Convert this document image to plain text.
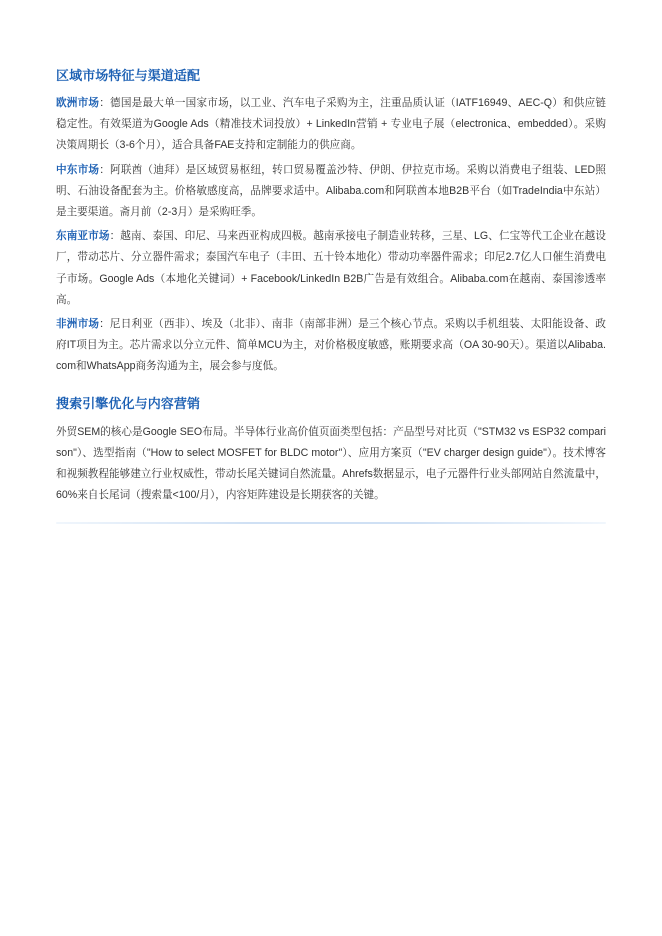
区域市场特征与渠道适配

欧洲市场：德国是最大单一国家市场，以工业、汽车电子采购为主，注重品质认证（IATF16949、AEC-Q）和供应链稳定性。有效渠道为Google Ads（精准技术词投放）+ LinkedIn营销 + 专业电子展（electronica、embedded）。采购决策周期长（3-6个月），适合具备FAE支持和定制能力的供应商。

中东市场：阿联酋（迪拜）是区域贸易枢纽，转口贸易覆盖沙特、伊朗、伊拉克市场。采购以消费电子组装、LED照明、石油设备配套为主。价格敏感度高，品牌要求适中。Alibaba.com和阿联酋本地B2B平台（如TradeIndia中东站）是主要渠道。斋月前（2-3月）是采购旺季。

东南亚市场：越南、泰国、印尼、马来西亚构成四极。越南承接电子制造业转移，三星、LG、仁宝等代工企业在越设厂，带动芯片、分立器件需求；泰国汽车电子（丰田、五十铃本地化）带动功率器件需求；印尼2.7亿人口催生消费电子市场。Google Ads（本地化关键词）+ Facebook/LinkedIn B2B广告是有效组合。Alibaba.com在越南、泰国渗透率高。

非洲市场：尼日利亚（西非）、埃及（北非）、南非（南部非洲）是三个核心节点。采购以手机组装、太阳能设备、政府IT项目为主。芯片需求以分立元件、简单MCU为主，对价格极度敏感，账期要求高（OA 30-90天）。渠道以Alibaba.com和WhatsApp商务沟通为主，展会参与度低。

搜索引擎优化与内容营销

外贸SEM的核心是Google SEO布局。半导体行业高价值页面类型包括：产品型号对比页（"STM32 vs ESP32 comparison"）、选型指南（"How to select MOSFET for BLDC motor"）、应用方案页（"EV charger design guide"）。技术博客和视频教程能够建立行业权威性，带动长尾关键词自然流量。Ahrefs数据显示，电子元器件行业头部网站自然流量中，60%来自长尾词（搜索量<100/月），内容矩阵建设是长期获客的关键。
